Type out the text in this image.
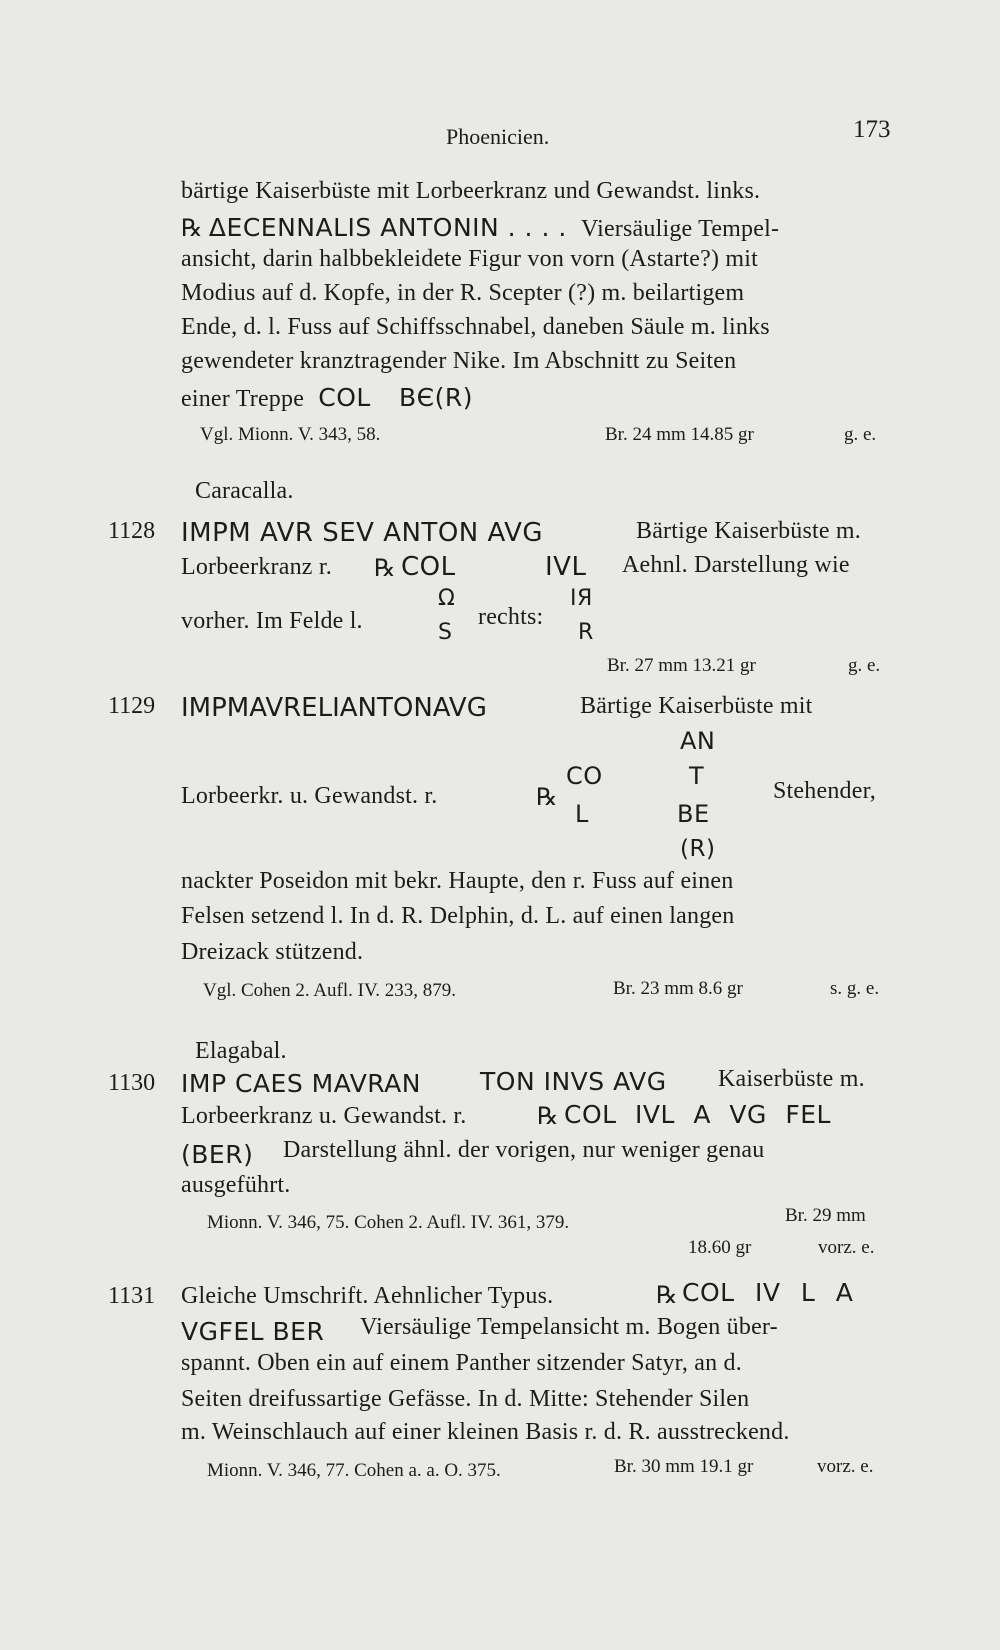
Phoenicien.	173
bärtige Kaiserbüste mit Lorbeerkranz und Gewandst. links.
℞ ΔECENNALIS ANTONIN . . . . Viersäulige Tempel-
ansicht, darin halbbekleidete Figur von vorn (Astarte?) mit
Modius auf d. Kopfe, in der R. Scepter (?) m. beilartigem
Ende, d. l. Fuss auf Schiffsschnabel, daneben Säule m. links
gewendeter kranztragender Nike. Im Abschnitt zu Seiten
einer Treppe COL BЄ(R)
Vgl. Mionn. V. 343, 58.	Br. 24 mm 14.85 gr	g. e.
Caracalla.
1128 IMPM AVR SEV ANTON AVG	Bärtige Kaiserbüste m.
Lorbeerkranz r. ℞ COL	IVL Aehnl. Darstellung wie
vorher. Im Felde l.
Ω
S
rechts:
IЯ
R
Br. 27 mm 13.21 gr	g. e.
1129 IMPMAVRELIANTONAVG	Bärtige Kaiserbüste mit
AN
CO	T
Lorbeerkr. u. Gewandst. r.	℞	Stehender,
L	BE
(R)
nackter Poseidon mit bekr. Haupte, den r. Fuss auf einen
Felsen setzend l. In d. R. Delphin, d. L. auf einen langen
Dreizack stützend.
Vgl. Cohen 2. Aufl. IV. 233, 879.	Br. 23 mm 8.6 gr	s. g. e.
Elagabal.
1130 IMP CAES MAVRAN TON INVS AVG Kaiserbüste m.
Lorbeerkranz u. Gewandst. r.	℞ COL IVL A VG FEL
(BER) Darstellung ähnl. der vorigen, nur weniger genau
ausgeführt.
Mionn. V. 346, 75. Cohen 2. Aufl. IV. 361, 379.	Br. 29 mm
18.60 gr	vorz. e.
1131 Gleiche Umschrift. Aehnlicher Typus.	℞ COL IV L A
VGFEL BER Viersäulige Tempelansicht m. Bogen über-
spannt. Oben ein auf einem Panther sitzender Satyr, an d.
Seiten dreifussartige Gefässe. In d. Mitte: Stehender Silen
m. Weinschlauch auf einer kleinen Basis r. d. R. ausstreckend.
Mionn. V. 346, 77. Cohen a. a. O. 375.	Br. 30 mm 19.1 gr	vorz. e.
